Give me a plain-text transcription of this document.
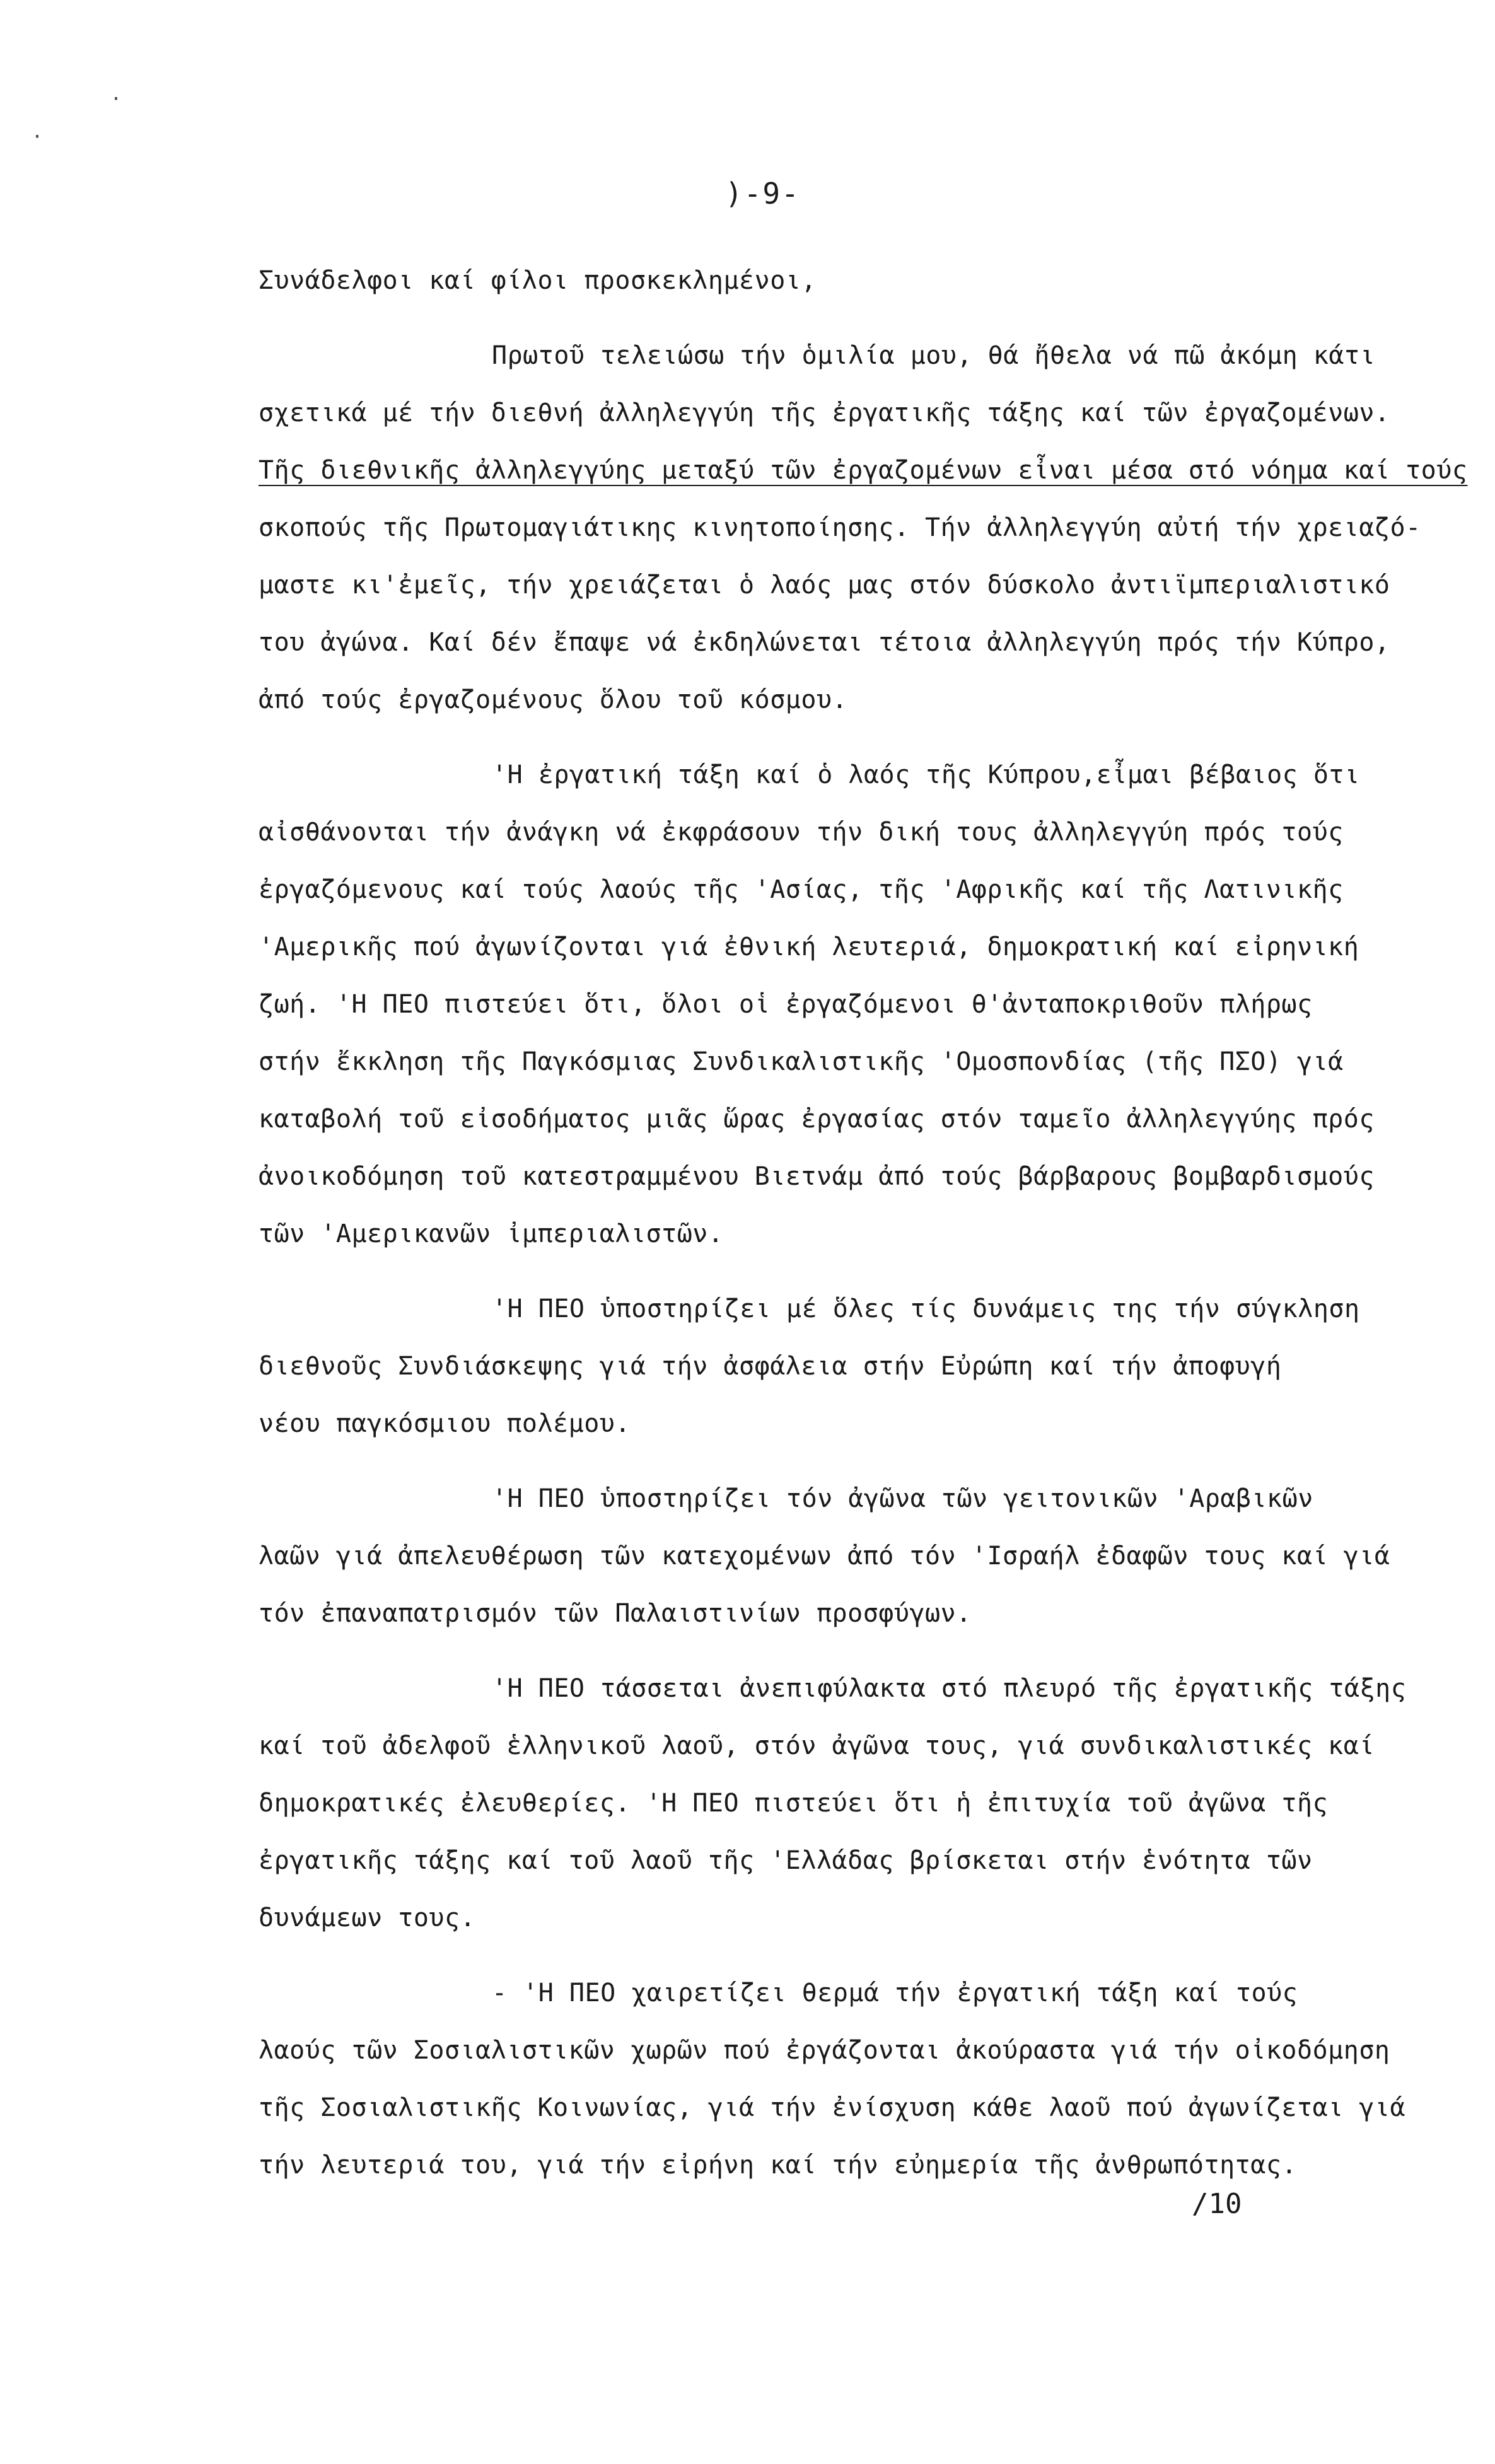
·
·
)-9-
Συνάδελφοι καί φίλοι προσκεκλημένοι,
Πρωτοῦ τελειώσω τήν ὁμιλία μου, θά ἤθελα νά πῶ ἀκόμη κάτι
σχετικά μέ τήν διεθνή ἀλληλεγγύη τῆς ἐργατικῆς τάξης καί τῶν ἐργαζομένων.
Τῆς διεθνικῆς ἀλληλεγγύης μεταξύ τῶν ἐργαζομένων εἶναι μέσα στό νόημα καί τούς
σκοπούς τῆς Πρωτομαγιάτικης κινητοποίησης. Τήν ἀλληλεγγύη αὐτή τήν χρειαζό-
μαστε κι'ἐμεῖς, τήν χρειάζεται ὁ λαός μας στόν δύσκολο ἀντιϊμπεριαλιστικό
του ἀγώνα. Καί δέν ἔπαψε νά ἐκδηλώνεται τέτοια ἀλληλεγγύη πρός τήν Κύπρο,
ἀπό τούς ἐργαζομένους ὅλου τοῦ κόσμου.
'Η ἐργατική τάξη καί ὁ λαός τῆς Κύπρου,εἶμαι βέβαιος ὅτι
αἰσθάνονται τήν ἀνάγκη νά ἐκφράσουν τήν δική τους ἀλληλεγγύη πρός τούς
ἐργαζόμενους καί τούς λαούς τῆς 'Ασίας, τῆς 'Αφρικῆς καί τῆς Λατινικῆς
'Αμερικῆς πού ἀγωνίζονται γιά ἐθνική λευτεριά, δημοκρατική καί εἰρηνική
ζωή. 'Η ΠΕΟ πιστεύει ὅτι, ὅλοι οἱ ἐργαζόμενοι θ'ἀνταποκριθοῦν πλήρως
στήν ἔκκληση τῆς Παγκόσμιας Συνδικαλιστικῆς 'Ομοσπονδίας (τῆς ΠΣΟ) γιά
καταβολή τοῦ εἰσοδήματος μιᾶς ὥρας ἐργασίας στόν ταμεῖο ἀλληλεγγύης πρός
ἀνοικοδόμηση τοῦ κατεστραμμένου Βιετνάμ ἀπό τούς βάρβαρους βομβαρδισμούς
τῶν 'Αμερικανῶν ἰμπεριαλιστῶν.
'Η ΠΕΟ ὑποστηρίζει μέ ὅλες τίς δυνάμεις της τήν σύγκληση
διεθνοῦς Συνδιάσκεψης γιά τήν ἀσφάλεια στήν Εὐρώπη καί τήν ἀποφυγή
νέου παγκόσμιου πολέμου.
'Η ΠΕΟ ὑποστηρίζει τόν ἀγῶνα τῶν γειτονικῶν 'Αραβικῶν
λαῶν γιά ἀπελευθέρωση τῶν κατεχομένων ἀπό τόν 'Ισραήλ ἐδαφῶν τους καί γιά
τόν ἐπαναπατρισμόν τῶν Παλαιστινίων προσφύγων.
'Η ΠΕΟ τάσσεται ἀνεπιφύλακτα στό πλευρό τῆς ἐργατικῆς τάξης
καί τοῦ ἀδελφοῦ ἑλληνικοῦ λαοῦ, στόν ἀγῶνα τους, γιά συνδικαλιστικές καί
δημοκρατικές ἐλευθερίες. 'Η ΠΕΟ πιστεύει ὅτι ἡ ἐπιτυχία τοῦ ἀγῶνα τῆς
ἐργατικῆς τάξης καί τοῦ λαοῦ τῆς 'Ελλάδας βρίσκεται στήν ἑνότητα τῶν
δυνάμεων τους.
- 'Η ΠΕΟ χαιρετίζει θερμά τήν ἐργατική τάξη καί τούς
λαούς τῶν Σοσιαλιστικῶν χωρῶν πού ἐργάζονται ἀκούραστα γιά τήν οἰκοδόμηση
τῆς Σοσιαλιστικῆς Κοινωνίας, γιά τήν ἐνίσχυση κάθε λαοῦ πού ἀγωνίζεται γιά
τήν λευτεριά του, γιά τήν εἰρήνη καί τήν εὐημερία τῆς ἀνθρωπότητας.
/10
